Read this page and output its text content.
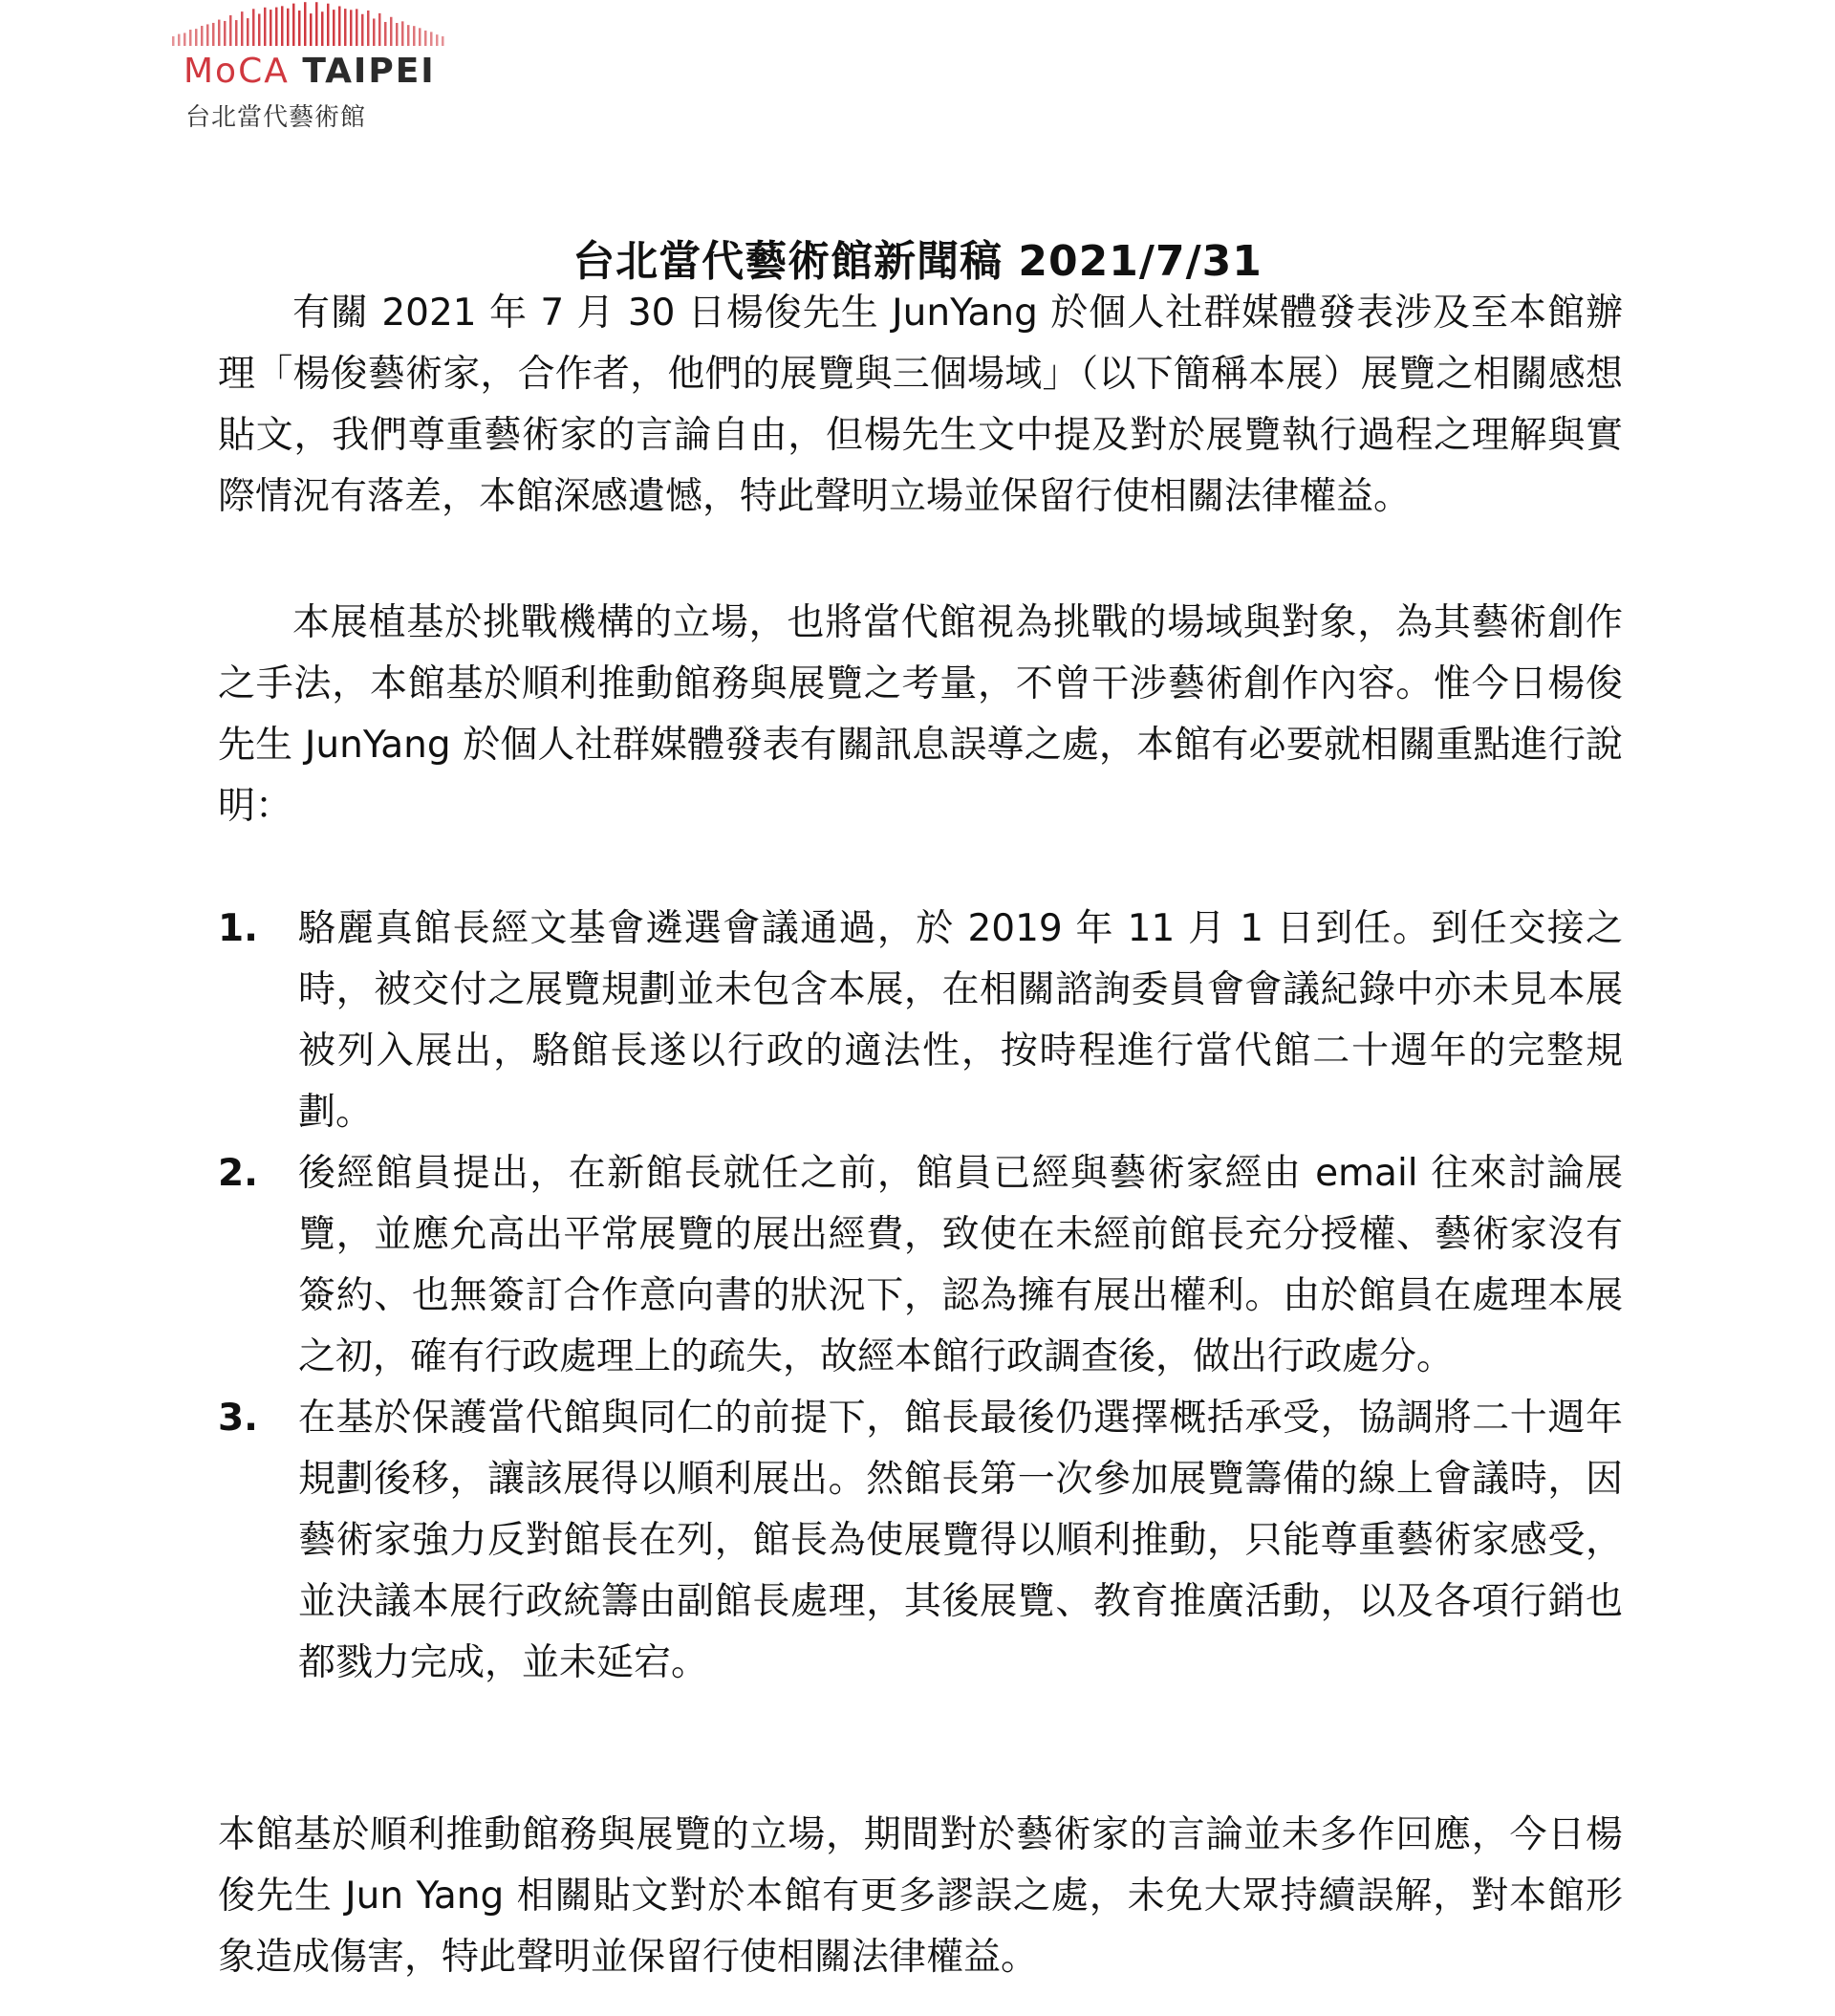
MoCA TAIPEI
台北當代藝術館
台北當代藝術館新聞稿 2021/7/31

有關 2021 年 7 月 30 日楊俊先生 JunYang 於個人社群媒體發表涉及至本館辦理「楊俊藝術家，合作者，他們的展覽與三個場域」（以下簡稱本展）展覽之相關感想貼文，我們尊重藝術家的言論自由，但楊先生文中提及對於展覽執行過程之理解與實際情況有落差，本館深感遺憾，特此聲明立場並保留行使相關法律權益。

本展植基於挑戰機構的立場，也將當代館視為挑戰的場域與對象，為其藝術創作之手法，本館基於順利推動館務與展覽之考量，不曾干涉藝術創作內容。惟今日楊俊先生 JunYang 於個人社群媒體發表有關訊息誤導之處，本館有必要就相關重點進行說明：

1.	駱麗真館長經文基會遴選會議通過，於 2019 年 11 月 1 日到任。到任交接之時，被交付之展覽規劃並未包含本展，在相關諮詢委員會會議紀錄中亦未見本展被列入展出，駱館長遂以行政的適法性，按時程進行當代館二十週年的完整規劃。
2.	後經館員提出，在新館長就任之前，館員已經與藝術家經由 email 往來討論展覽，並應允高出平常展覽的展出經費，致使在未經前館長充分授權、藝術家沒有簽約、也無簽訂合作意向書的狀況下，認為擁有展出權利。由於館員在處理本展之初，確有行政處理上的疏失，故經本館行政調查後，做出行政處分。
3.	在基於保護當代館與同仁的前提下，館長最後仍選擇概括承受，協調將二十週年規劃後移，讓該展得以順利展出。然館長第一次參加展覽籌備的線上會議時，因藝術家強力反對館長在列，館長為使展覽得以順利推動，只能尊重藝術家感受，並決議本展行政統籌由副館長處理，其後展覽、教育推廣活動，以及各項行銷也都戮力完成，並未延宕。

本館基於順利推動館務與展覽的立場，期間對於藝術家的言論並未多作回應，今日楊俊先生 Jun Yang 相關貼文對於本館有更多謬誤之處，未免大眾持續誤解，對本館形象造成傷害，特此聲明並保留行使相關法律權益。
